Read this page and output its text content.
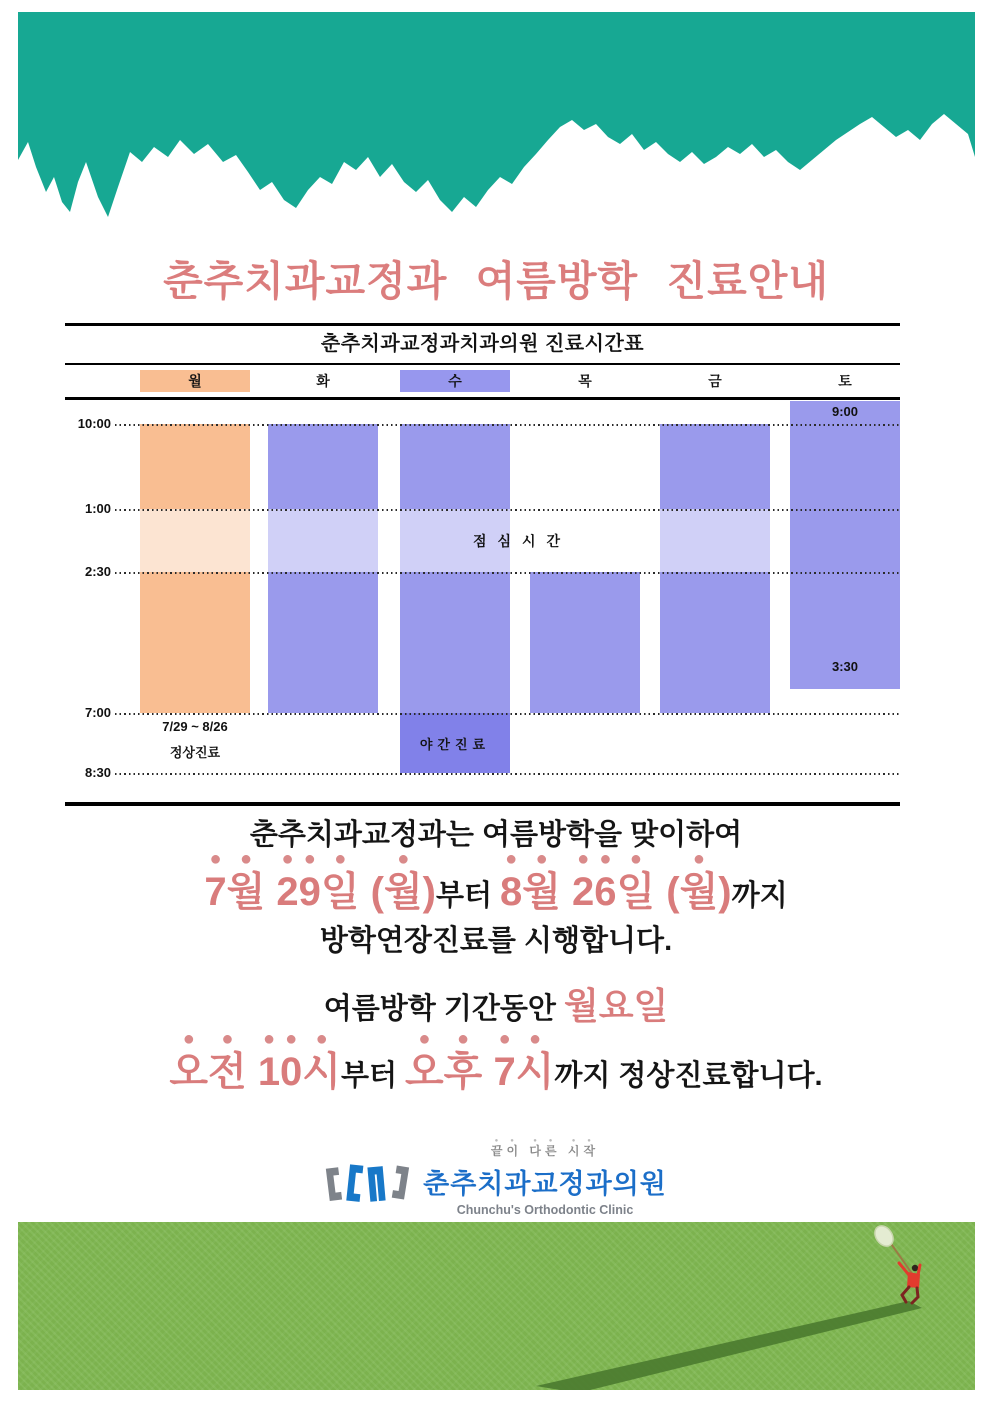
춘추치과교정과 여름방학 진료안내
춘추치과교정과치과의원 진료시간표
월	화	수	목	금	토
10:00
1:00
2:30
7:00
8:30
야간진료
9:00
3:30
점심시간
7/29 ~ 8/26
정상진료
춘추치과교정과는 여름방학을 맞이하여
7월 29일 (월) 부터 8월 26일 (월) 까지
방학연장진료를 시행합니다.
여름방학 기간동안 월요일
오전 10시 부터 오후 7시 까지 정상진료합니다.
끝이 다른 시작
춘추치과교정과의원
Chunchu's Orthodontic Clinic
